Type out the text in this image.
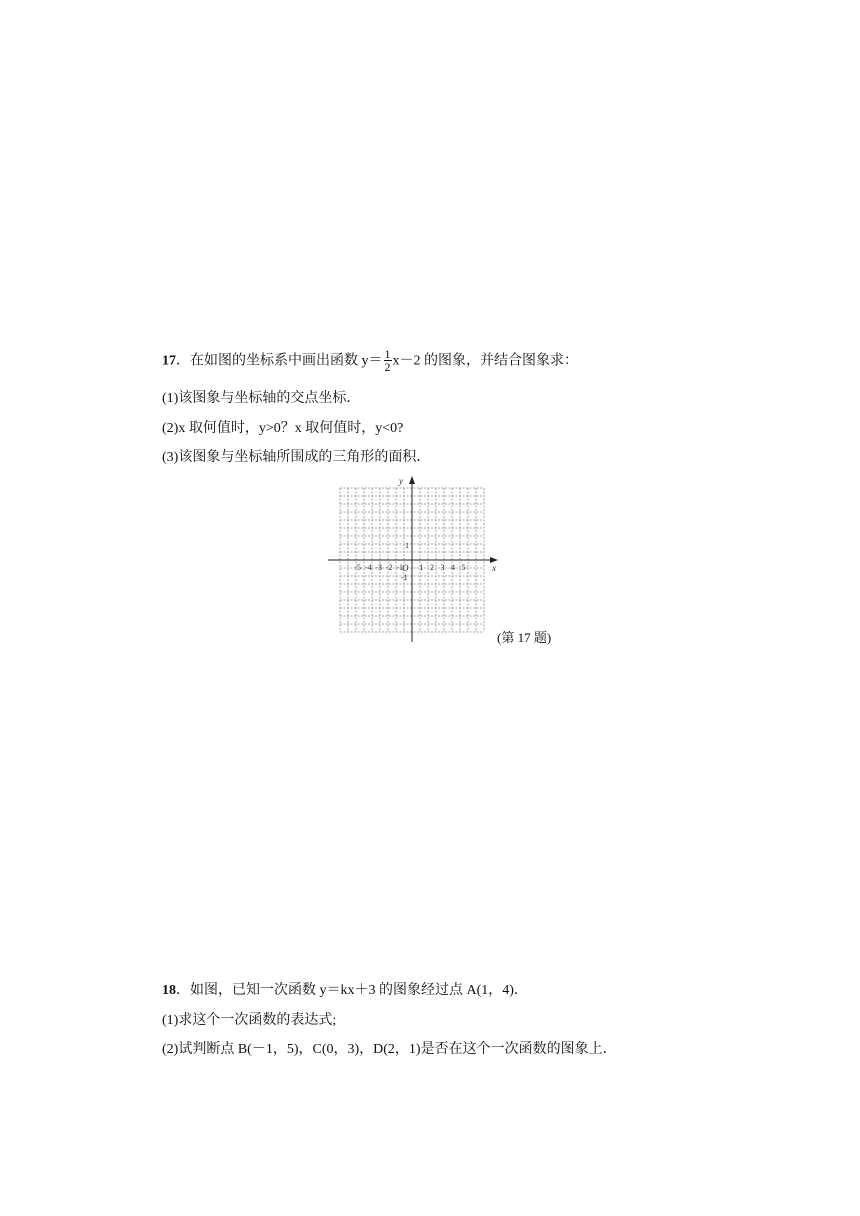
17．在如图的坐标系中画出函数 $y= \frac{1}{2} x-2$ 的图象，并结合图象求：
(1)该图象与坐标轴的交点坐标．
(2)x 取何值时，y>0？x 取何值时，y<0?
(3)该图象与坐标轴所围成的三角形的面积．
y
x
O
-5 -4 -3 -2 -1 1 2 3 4 5
1
-1
(第 17 题)
18．如图，已知一次函数 y＝kx＋3 的图象经过点 A(1，4)．
(1)求这个一次函数的表达式;
(2)试判断点 B(－1，5)，C(0，3)，D(2，1)是否在这个一次函数的图象上．
